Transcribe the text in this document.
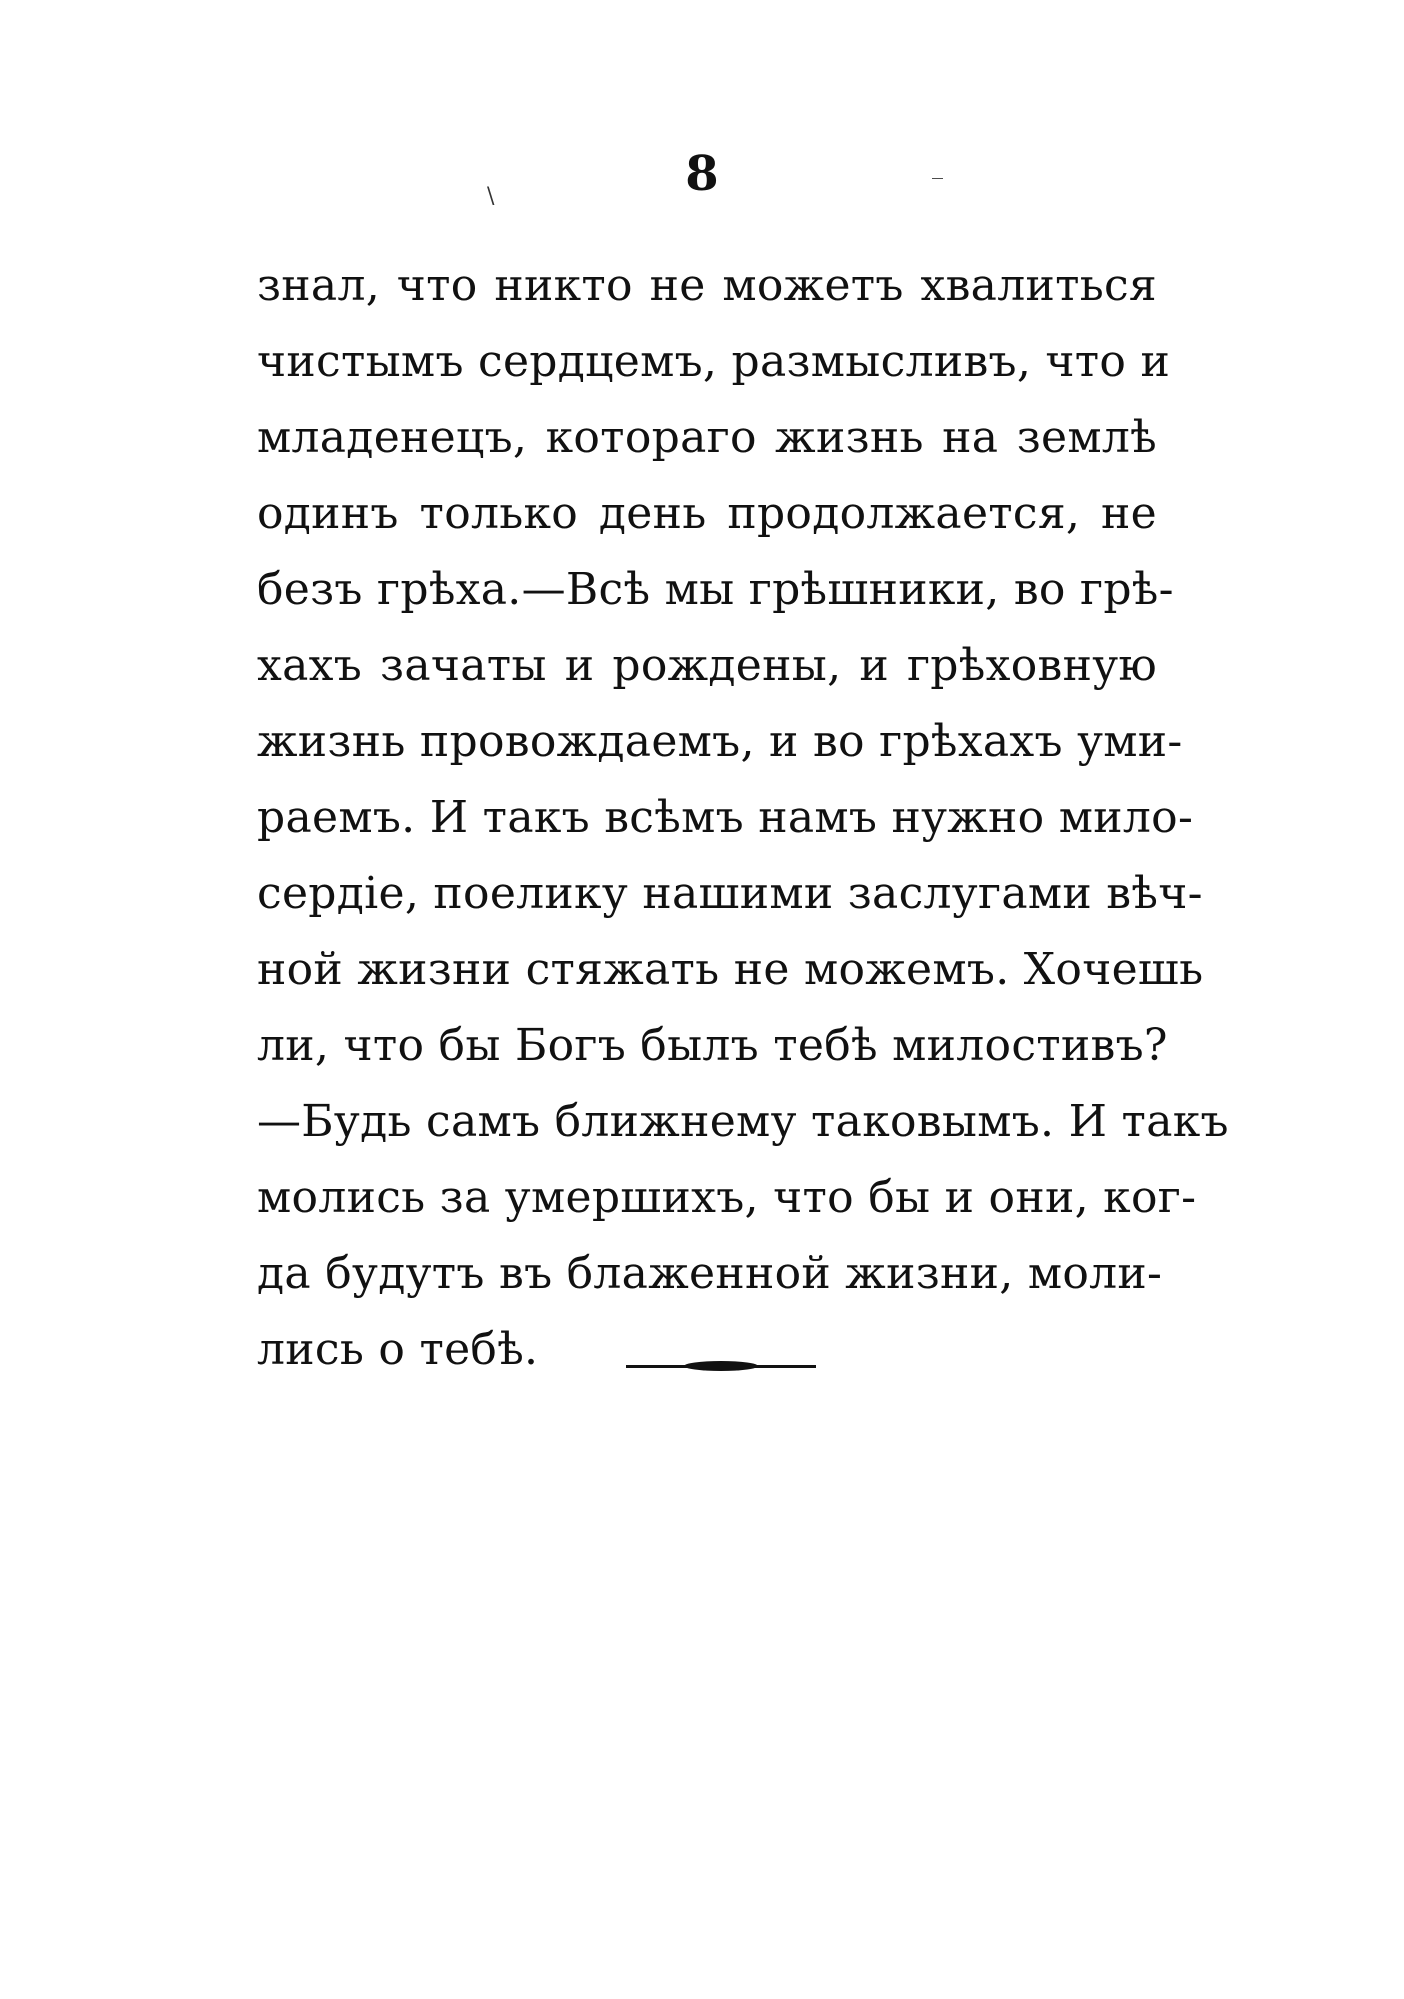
8
\	‾
знал, что никто не можетъ хвалиться
чистымъ сердцемъ, размысливъ, что и
младенецъ, котораго жизнь на землѣ
одинъ только день продолжается, не
безъ грѣха.—Всѣ мы грѣшники, во грѣ-
хахъ зачаты и рождены, и грѣховную
жизнь провождаемъ, и во грѣхахъ уми-
раемъ. И такъ всѣмъ намъ нужно мило-
сердіе, поелику нашими заслугами вѣч-
ной жизни стяжать не можемъ. Хочешь
ли, что бы Богъ былъ тебѣ милостивъ?
—Будь самъ ближнему таковымъ. И такъ
молись за умершихъ, что бы и они, ког-
да будутъ въ блаженной жизни, моли-
лись о тебѣ.
